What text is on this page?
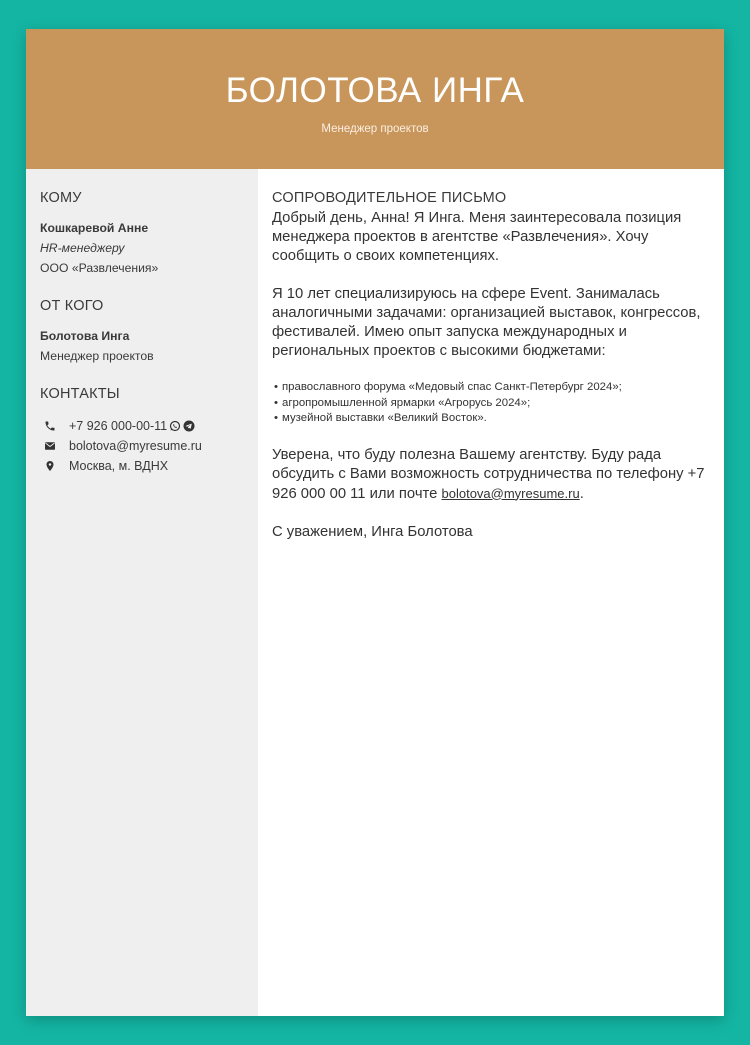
БОЛОТОВА ИНГА
Менеджер проектов
КОМУ
Кошкаревой Анне
HR-менеджеру
ООО «Развлечения»
ОТ КОГО
Болотова Инга
Менеджер проектов
КОНТАКТЫ
+7 926 000-00-11
bolotova@myresume.ru
Москва, м. ВДНХ
СОПРОВОДИТЕЛЬНОЕ ПИСЬМО

Добрый день, Анна! Я Инга. Меня заинтересовала позиция менеджера проектов в агентстве «Развлечения». Хочу сообщить о своих компетенциях.

Я 10 лет специализируюсь на сфере Event. Занималась аналогичными задачами: организацией выставок, конгрессов, фестивалей. Имею опыт запуска международных и региональных проектов с высокими бюджетами:

• православного форума «Медовый спас Санкт-Петербург 2024»;
• агропромышленной ярмарки «Агрорусь 2024»;
• музейной выставки «Великий Восток».

Уверена, что буду полезна Вашему агентству. Буду рада обсудить с Вами возможность сотрудничества по телефону +7 926 000 00 11 или почте bolotova@myresume.ru.

С уважением, Инга Болотова
